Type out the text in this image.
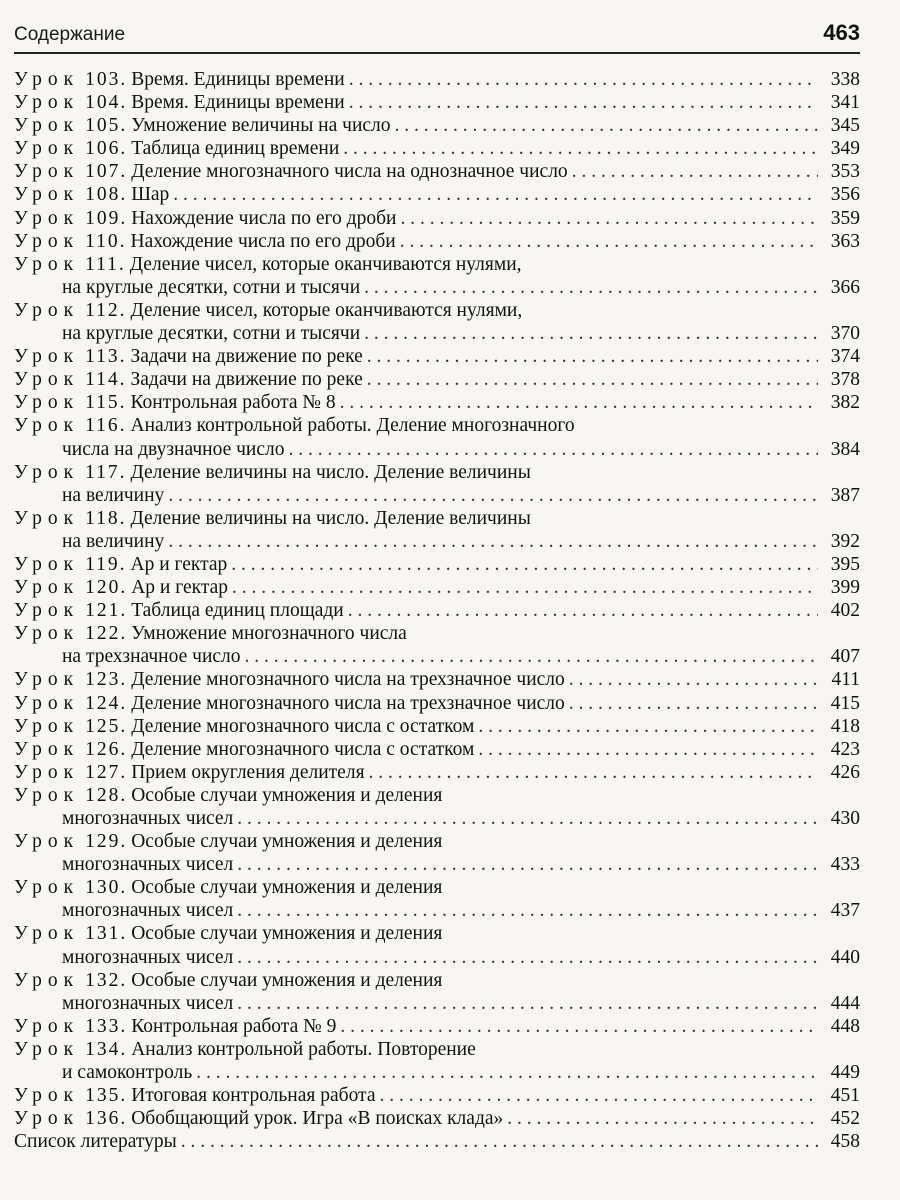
Содержание	463
Урок 103. Время. Единицы времени . . .	338
Урок 104. Время. Единицы времени . . .	341
Урок 105. Умножение величины на число . . .	345
Урок 106. Таблица единиц времени . . .	349
Урок 107. Деление многозначного числа на однозначное число . . .	353
Урок 108. Шар . . .	356
Урок 109. Нахождение числа по его дроби . . .	359
Урок 110. Нахождение числа по его дроби . . .	363
Урок 111. Деление чисел, которые оканчиваются нулями,
на круглые десятки, сотни и тысячи . . .	366
Урок 112. Деление чисел, которые оканчиваются нулями,
на круглые десятки, сотни и тысячи . . .	370
Урок 113. Задачи на движение по реке . . .	374
Урок 114. Задачи на движение по реке . . .	378
Урок 115. Контрольная работа № 8 . . .	382
Урок 116. Анализ контрольной работы. Деление многозначного
числа на двузначное число . . .	384
Урок 117. Деление величины на число. Деление величины
на величину . . .	387
Урок 118. Деление величины на число. Деление величины
на величину . . .	392
Урок 119. Ар и гектар . . .	395
Урок 120. Ар и гектар . . .	399
Урок 121. Таблица единиц площади . . .	402
Урок 122. Умножение многозначного числа
на трехзначное число . . .	407
Урок 123. Деление многозначного числа на трехзначное число . . .	411
Урок 124. Деление многозначного числа на трехзначное число . . .	415
Урок 125. Деление многозначного числа с остатком . . .	418
Урок 126. Деление многозначного числа с остатком . . .	423
Урок 127. Прием округления делителя . . .	426
Урок 128. Особые случаи умножения и деления
многозначных чисел . . .	430
Урок 129. Особые случаи умножения и деления
многозначных чисел . . .	433
Урок 130. Особые случаи умножения и деления
многозначных чисел . . .	437
Урок 131. Особые случаи умножения и деления
многозначных чисел . . .	440
Урок 132. Особые случаи умножения и деления
многозначных чисел . . .	444
Урок 133. Контрольная работа № 9 . . .	448
Урок 134. Анализ контрольной работы. Повторение
и самоконтроль . . .	449
Урок 135. Итоговая контрольная работа . . .	451
Урок 136. Обобщающий урок. Игра «В поисках клада» . . .	452
Список литературы . . .	458
